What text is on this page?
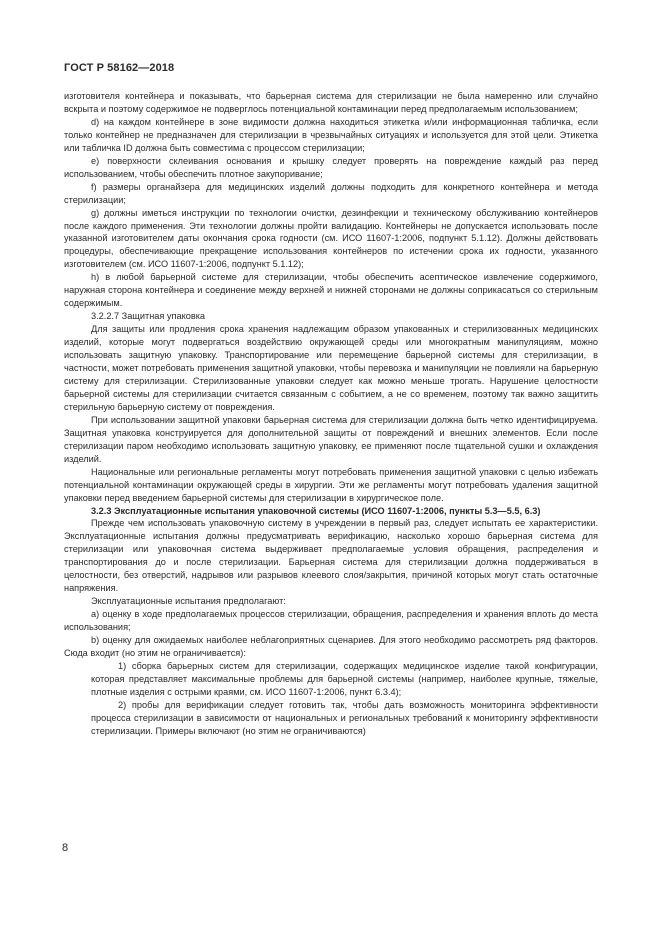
ГОСТ Р 58162—2018

изготовителя контейнера и показывать, что барьерная система для стерилизации не была намеренно или случайно вскрыта и поэтому содержимое не подверглось потенциальной контаминации перед предполагаемым использованием;

d) на каждом контейнере в зоне видимости должна находиться этикетка и/или информационная табличка, если только контейнер не предназначен для стерилизации в чрезвычайных ситуациях и используется для этой цели. Этикетка или табличка ID должна быть совместима с процессом стерилизации;

e) поверхности склеивания основания и крышку следует проверять на повреждение каждый раз перед использованием, чтобы обеспечить плотное закупоривание;

f) размеры органайзера для медицинских изделий должны подходить для конкретного контейнера и метода стерилизации;

g) должны иметься инструкции по технологии очистки, дезинфекции и техническому обслуживанию контейнеров после каждого применения. Эти технологии должны пройти валидацию. Контейнеры не допускается использовать после указанной изготовителем даты окончания срока годности (см. ИСО 11607-1:2006, подпункт 5.1.12). Должны действовать процедуры, обеспечивающие прекращение использования контейнеров по истечении срока их годности, указанного изготовителем (см. ИСО 11607-1:2006, подпункт 5.1.12);

h) в любой барьерной системе для стерилизации, чтобы обеспечить асептическое извлечение содержимого, наружная сторона контейнера и соединение между верхней и нижней сторонами не должны соприкасаться со стерильным содержимым.

3.2.2.7 Защитная упаковка

Для защиты или продления срока хранения надлежащим образом упакованных и стерилизованных медицинских изделий, которые могут подвергаться воздействию окружающей среды или многократным манипуляциям, можно использовать защитную упаковку. Транспортирование или перемещение барьерной системы для стерилизации, в частности, может потребовать применения защитной упаковки, чтобы перевозка и манипуляции не повлияли на барьерную систему для стерилизации. Стерилизованные упаковки следует как можно меньше трогать. Нарушение целостности барьерной системы для стерилизации считается связанным с событием, а не со временем, поэтому так важно защитить стерильную барьерную систему от повреждения.

При использовании защитной упаковки барьерная система для стерилизации должна быть четко идентифицируема. Защитная упаковка конструируется для дополнительной защиты от повреждений и внешних элементов. Если после стерилизации паром необходимо использовать защитную упаковку, ее применяют после тщательной сушки и охлаждения изделий.

Национальные или региональные регламенты могут потребовать применения защитной упаковки с целью избежать потенциальной контаминации окружающей среды в хирургии. Эти же регламенты могут потребовать удаления защитной упаковки перед введением барьерной системы для стерилизации в хирургическое поле.

3.2.3 Эксплуатационные испытания упаковочной системы (ИСО 11607-1:2006, пункты 5.3—5.5, 6.3)

Прежде чем использовать упаковочную систему в учреждении в первый раз, следует испытать ее характеристики. Эксплуатационные испытания должны предусматривать верификацию, насколько хорошо барьерная система для стерилизации или упаковочная система выдерживает предполагаемые условия обращения, распределения и транспортирования до и после стерилизации. Барьерная система для стерилизации должна поддерживаться в целостности, без отверстий, надрывов или разрывов клеевого слоя/закрытия, причиной которых могут стать остаточные напряжения.

Эксплуатационные испытания предполагают:

a) оценку в ходе предполагаемых процессов стерилизации, обращения, распределения и хранения вплоть до места использования;

b) оценку для ожидаемых наиболее неблагоприятных сценариев. Для этого необходимо рассмотреть ряд факторов. Сюда входит (но этим не ограничивается):

1) сборка барьерных систем для стерилизации, содержащих медицинское изделие такой конфигурации, которая представляет максимальные проблемы для барьерной системы (например, наиболее крупные, тяжелые, плотные изделия с острыми краями, см. ИСО 11607-1:2006, пункт 6.3.4);

2) пробы для верификации следует готовить так, чтобы дать возможность мониторинга эффективности процесса стерилизации в зависимости от национальных и региональных требований к мониторингу эффективности стерилизации. Примеры включают (но этим не ограничиваются)

8
